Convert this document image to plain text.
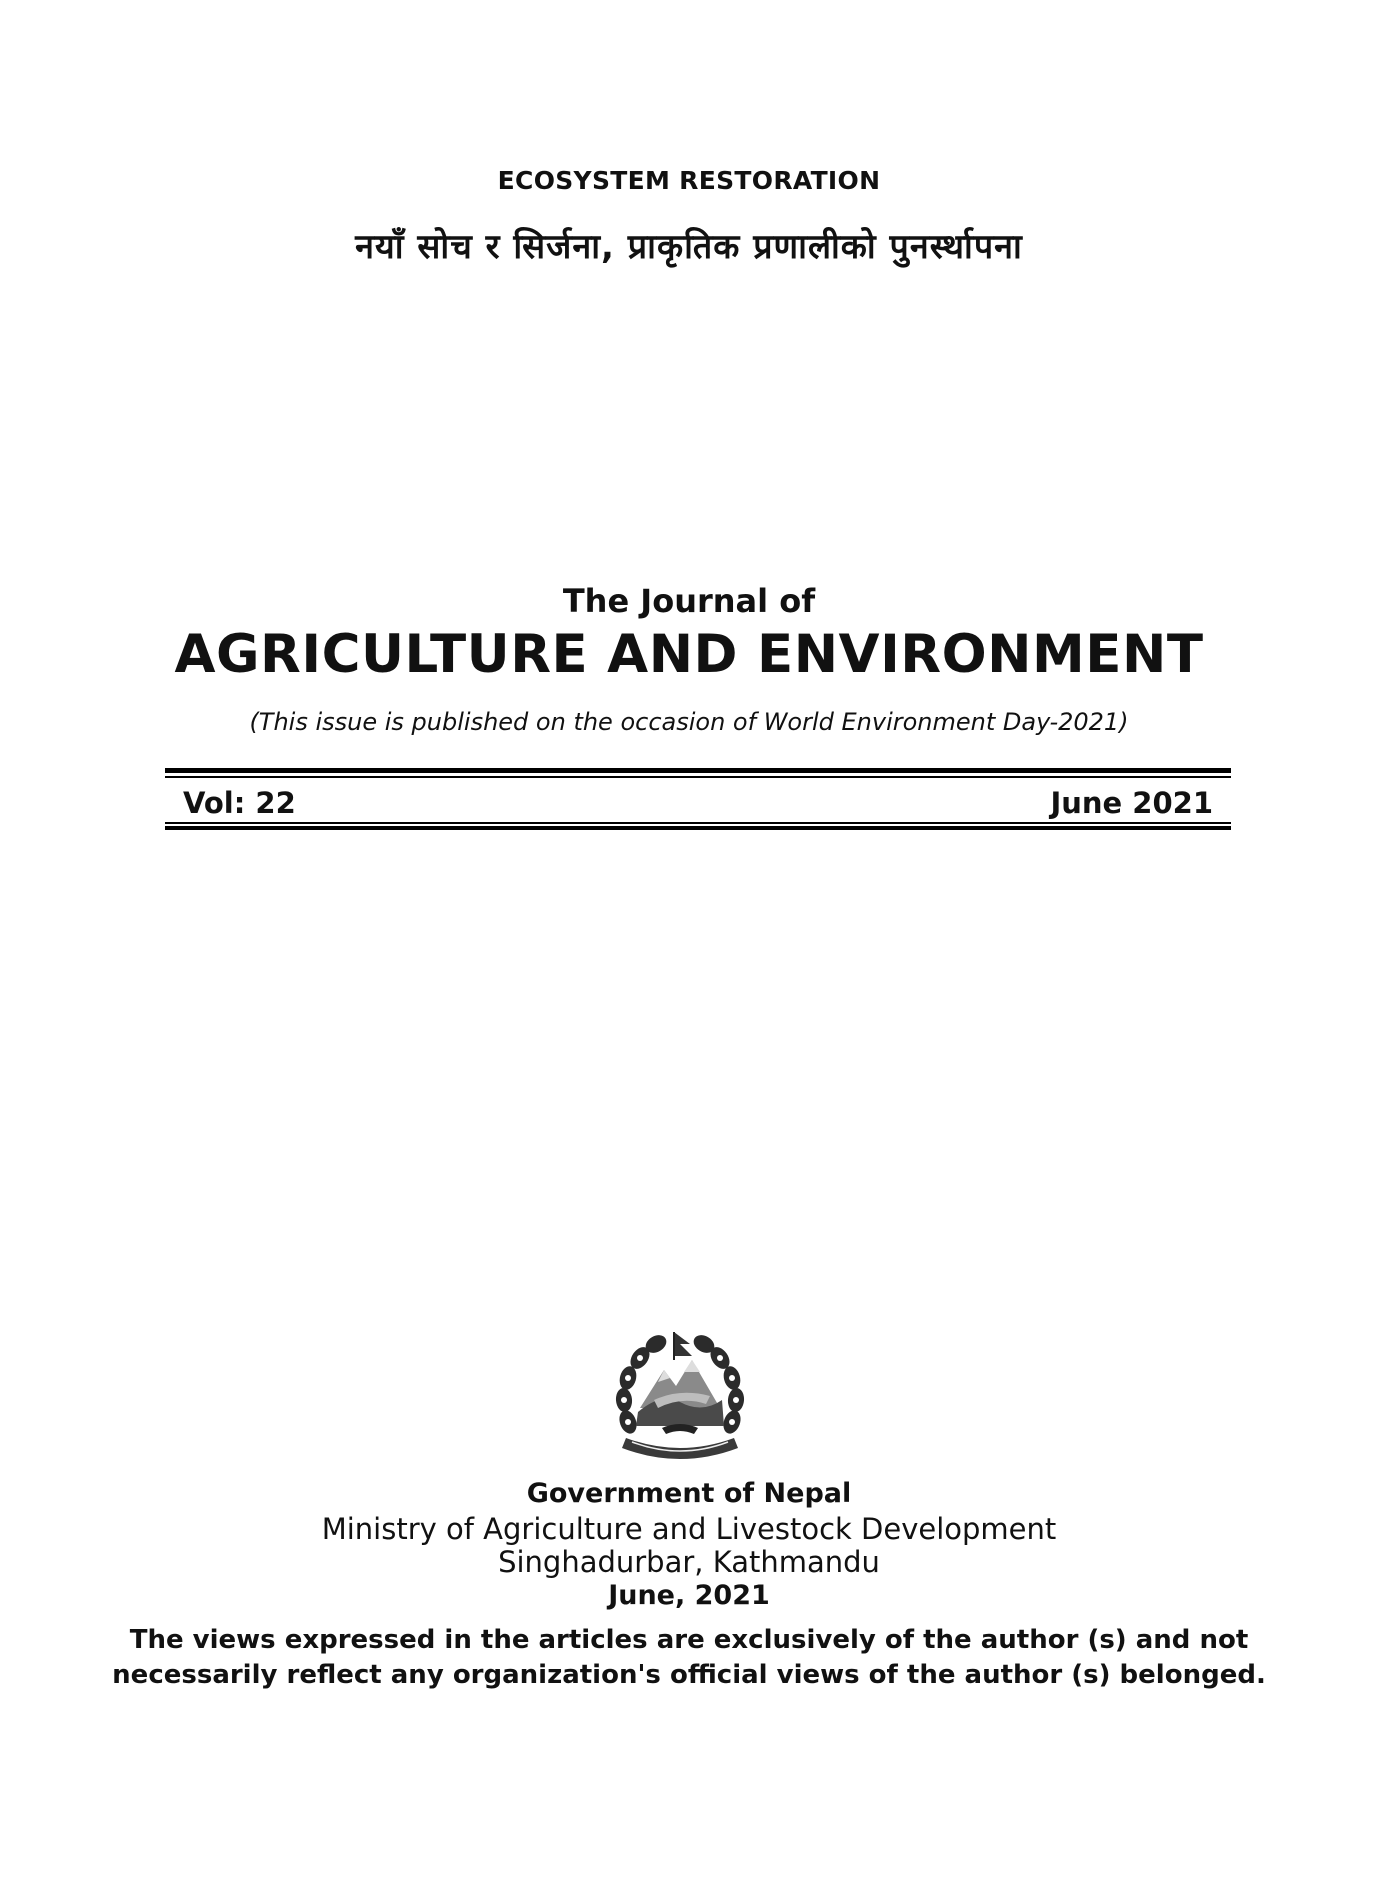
ECOSYSTEM RESTORATION
नयाँ सोच र सिर्जना, प्राकृतिक प्रणालीको पुनर्स्थापना
The Journal of
AGRICULTURE AND ENVIRONMENT
(This issue is published on the occasion of World Environment Day-2021)
Vol: 22	June 2021
Government of Nepal
Ministry of Agriculture and Livestock Development
Singhadurbar, Kathmandu
June, 2021
The views expressed in the articles are exclusively of the author (s) and not
necessarily reflect any organization's official views of the author (s) belonged.
